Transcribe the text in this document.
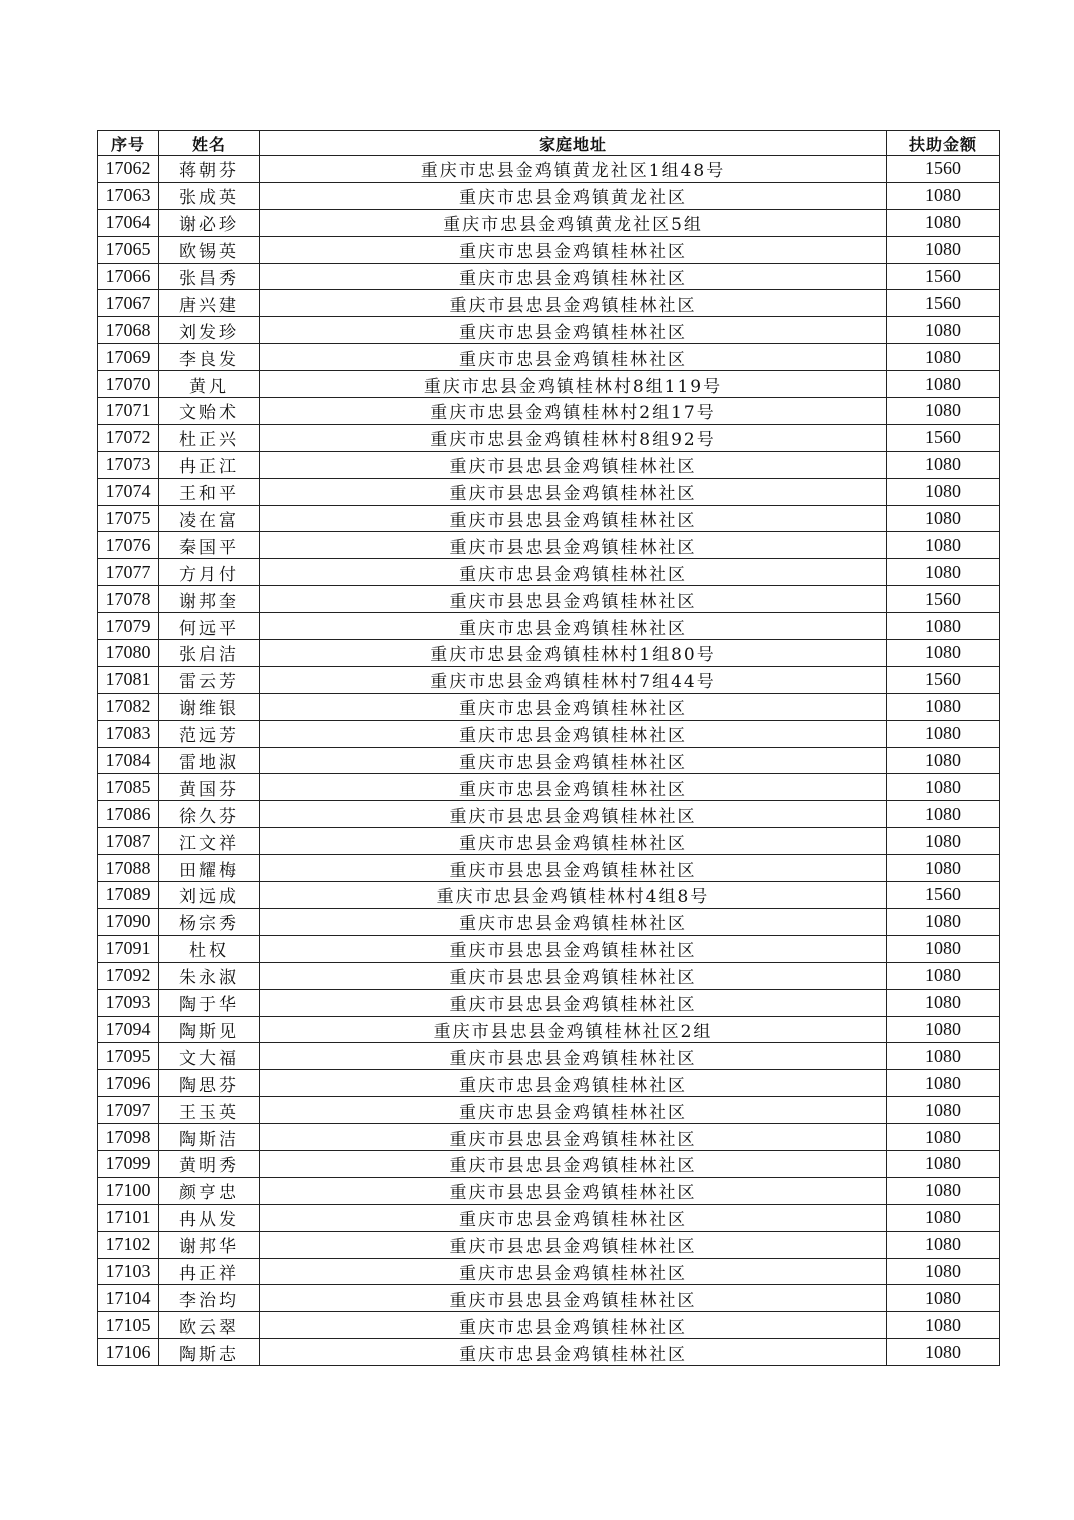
序号	姓名	家庭地址	扶助金额
17062	蒋朝芬	重庆市忠县金鸡镇黄龙社区1组48号	1560
17063	张成英	重庆市忠县金鸡镇黄龙社区	1080
17064	谢必珍	重庆市忠县金鸡镇黄龙社区5组	1080
17065	欧锡英	重庆市忠县金鸡镇桂林社区	1080
17066	张昌秀	重庆市忠县金鸡镇桂林社区	1560
17067	唐兴建	重庆市县忠县金鸡镇桂林社区	1560
17068	刘发珍	重庆市忠县金鸡镇桂林社区	1080
17069	李良发	重庆市忠县金鸡镇桂林社区	1080
17070	黄凡	重庆市忠县金鸡镇桂林村8组119号	1080
17071	文贻术	重庆市忠县金鸡镇桂林村2组17号	1080
17072	杜正兴	重庆市忠县金鸡镇桂林村8组92号	1560
17073	冉正江	重庆市县忠县金鸡镇桂林社区	1080
17074	王和平	重庆市县忠县金鸡镇桂林社区	1080
17075	凌在富	重庆市县忠县金鸡镇桂林社区	1080
17076	秦国平	重庆市县忠县金鸡镇桂林社区	1080
17077	方月付	重庆市忠县金鸡镇桂林社区	1080
17078	谢邦奎	重庆市县忠县金鸡镇桂林社区	1560
17079	何远平	重庆市忠县金鸡镇桂林社区	1080
17080	张启洁	重庆市忠县金鸡镇桂林村1组80号	1080
17081	雷云芳	重庆市忠县金鸡镇桂林村7组44号	1560
17082	谢维银	重庆市忠县金鸡镇桂林社区	1080
17083	范远芳	重庆市忠县金鸡镇桂林社区	1080
17084	雷地淑	重庆市忠县金鸡镇桂林社区	1080
17085	黄国芬	重庆市忠县金鸡镇桂林社区	1080
17086	徐久芬	重庆市县忠县金鸡镇桂林社区	1080
17087	江文祥	重庆市忠县金鸡镇桂林社区	1080
17088	田耀梅	重庆市县忠县金鸡镇桂林社区	1080
17089	刘远成	重庆市忠县金鸡镇桂林村4组8号	1560
17090	杨宗秀	重庆市忠县金鸡镇桂林社区	1080
17091	杜权	重庆市县忠县金鸡镇桂林社区	1080
17092	朱永淑	重庆市县忠县金鸡镇桂林社区	1080
17093	陶于华	重庆市县忠县金鸡镇桂林社区	1080
17094	陶斯见	重庆市县忠县金鸡镇桂林社区2组	1080
17095	文大福	重庆市县忠县金鸡镇桂林社区	1080
17096	陶思芬	重庆市忠县金鸡镇桂林社区	1080
17097	王玉英	重庆市忠县金鸡镇桂林社区	1080
17098	陶斯洁	重庆市县忠县金鸡镇桂林社区	1080
17099	黄明秀	重庆市县忠县金鸡镇桂林社区	1080
17100	颜亨忠	重庆市县忠县金鸡镇桂林社区	1080
17101	冉从发	重庆市忠县金鸡镇桂林社区	1080
17102	谢邦华	重庆市县忠县金鸡镇桂林社区	1080
17103	冉正祥	重庆市忠县金鸡镇桂林社区	1080
17104	李治均	重庆市县忠县金鸡镇桂林社区	1080
17105	欧云翠	重庆市忠县金鸡镇桂林社区	1080
17106	陶斯志	重庆市忠县金鸡镇桂林社区	1080
